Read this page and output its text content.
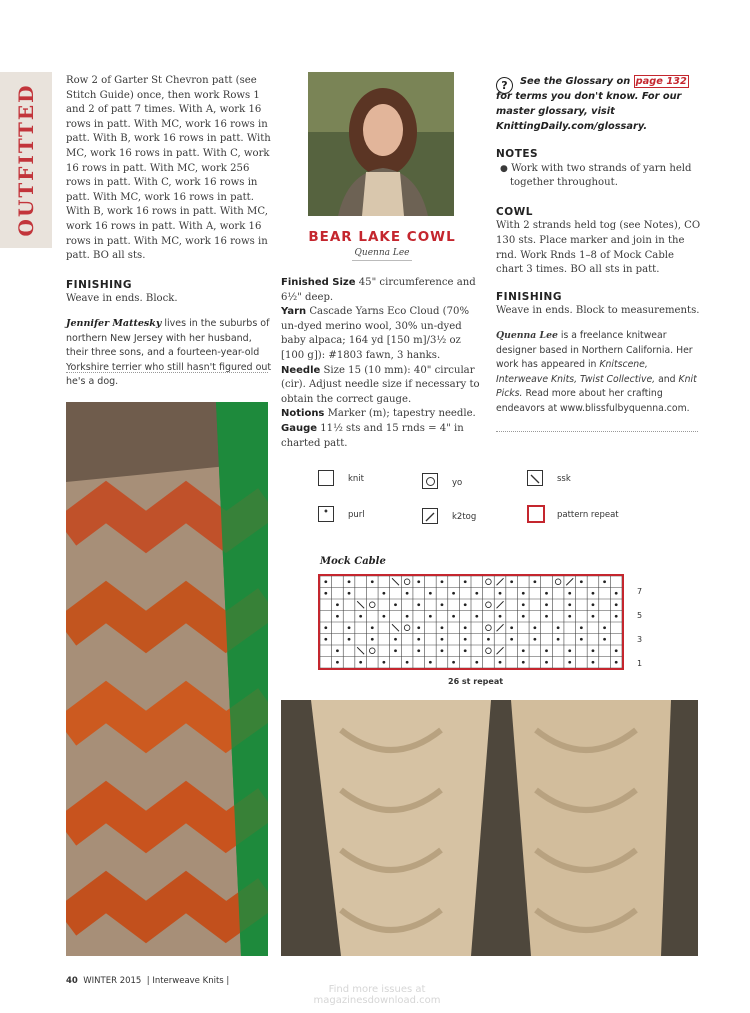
OUTFITTED

Row 2 of Garter St Chevron patt (see Stitch Guide) once, then work Rows 1 and 2 of patt 7 times. With A, work 16 rows in patt. With MC, work 16 rows in patt. With B, work 16 rows in patt. With MC, work 16 rows in patt. With C, work 16 rows in patt. With MC, work 256 rows in patt. With C, work 16 rows in patt. With MC, work 16 rows in patt. With B, work 16 rows in patt. With MC, work 16 rows in patt. With A, work 16 rows in patt. With MC, work 16 rows in patt. BO all sts.

FINISHING

Weave in ends. Block.

Jennifer Mattesky lives in the suburbs of northern New Jersey with her husband, their three sons, and a fourteen-year-old Yorkshire terrier who still hasn't figured out he's a dog.

BEAR LAKE COWL
Quenna Lee

Finished Size 45" circumference and 6½" deep.

Yarn Cascade Yarns Eco Cloud (70% un-dyed merino wool, 30% un-dyed baby alpaca; 164 yd [150 m]/3½ oz [100 g]): #1803 fawn, 3 hanks.

Needle Size 15 (10 mm): 40" circular (cir). Adjust needle size if necessary to obtain the correct gauge.

Notions Marker (m); tapestry needle.

Gauge 11½ sts and 15 rnds = 4" in charted patt.

?	See the Glossary on page 132 for terms you don't know. For our master glossary, visit KnittingDaily.com/glossary.

NOTES

● Work with two strands of yarn held together throughout.

COWL

With 2 strands held tog (see Notes), CO 130 sts. Place marker and join in the rnd. Work Rnds 1–8 of Mock Cable chart 3 times. BO all sts in patt.

FINISHING

Weave in ends. Block to measurements.

Quenna Lee is a freelance knitwear designer based in Northern California. Her work has appeared in Knitscene, Interweave Knits, Twist Collective, and Knit Picks. Read more about her crafting endeavors at www.blissfulbyquenna.com.

knit
•	purl
yo
k2tog
ssk
pattern repeat
Mock Cable
7
5
3
1
26 st repeat
40 WINTER 2015  | Interweave Knits |
Find more issues at
magazinesdownload.com
